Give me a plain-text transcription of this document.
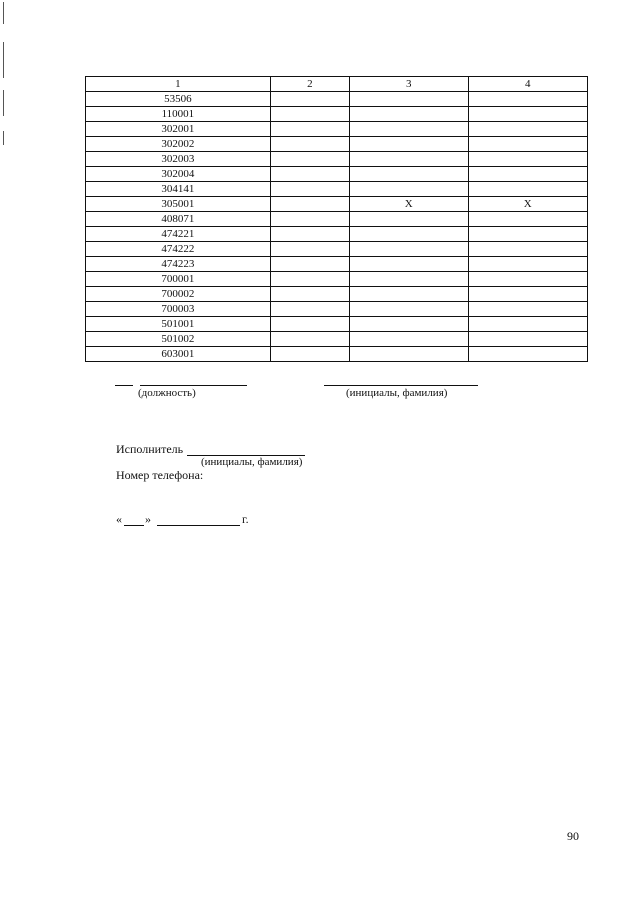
1	2	3	4
53506			
110001			
302001			
302002			
302003			
302004			
304141			
305001		X	X
408071			
474221			
474222			
474223			
700001			
700002			
700003			
501001			
501002			
603001			
(должность)	(инициалы, фамилия)
Исполнитель
(инициалы, фамилия)
Номер телефона:
« »	г.
90
